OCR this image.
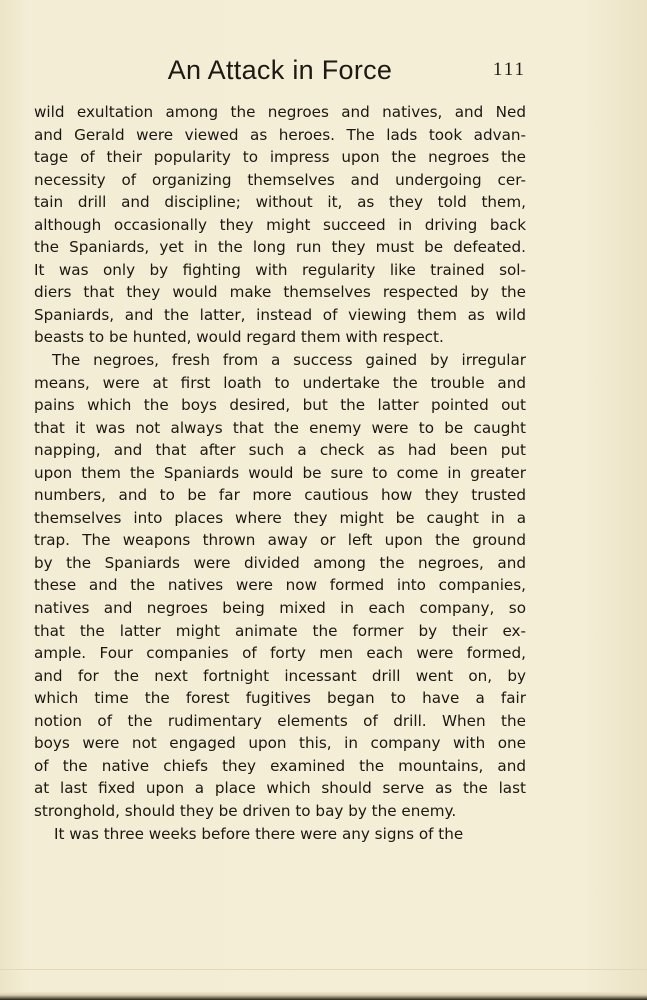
An Attack in Force	111
wild exultation among the negroes and natives, and Ned
and Gerald were viewed as heroes. The lads took advan-
tage of their popularity to impress upon the negroes the
necessity of organizing themselves and undergoing cer-
tain drill and discipline; without it, as they told them,
although occasionally they might succeed in driving back
the Spaniards, yet in the long run they must be defeated.
It was only by fighting with regularity like trained sol-
diers that they would make themselves respected by the
Spaniards, and the latter, instead of viewing them as wild
beasts to be hunted, would regard them with respect.
The negroes, fresh from a success gained by irregular
means, were at first loath to undertake the trouble and
pains which the boys desired, but the latter pointed out
that it was not always that the enemy were to be caught
napping, and that after such a check as had been put
upon them the Spaniards would be sure to come in greater
numbers, and to be far more cautious how they trusted
themselves into places where they might be caught in a
trap. The weapons thrown away or left upon the ground
by the Spaniards were divided among the negroes, and
these and the natives were now formed into companies,
natives and negroes being mixed in each company, so
that the latter might animate the former by their ex-
ample. Four companies of forty men each were formed,
and for the next fortnight incessant drill went on, by
which time the forest fugitives began to have a fair
notion of the rudimentary elements of drill. When the
boys were not engaged upon this, in company with one
of the native chiefs they examined the mountains, and
at last fixed upon a place which should serve as the last
stronghold, should they be driven to bay by the enemy.
It was three weeks before there were any signs of the
